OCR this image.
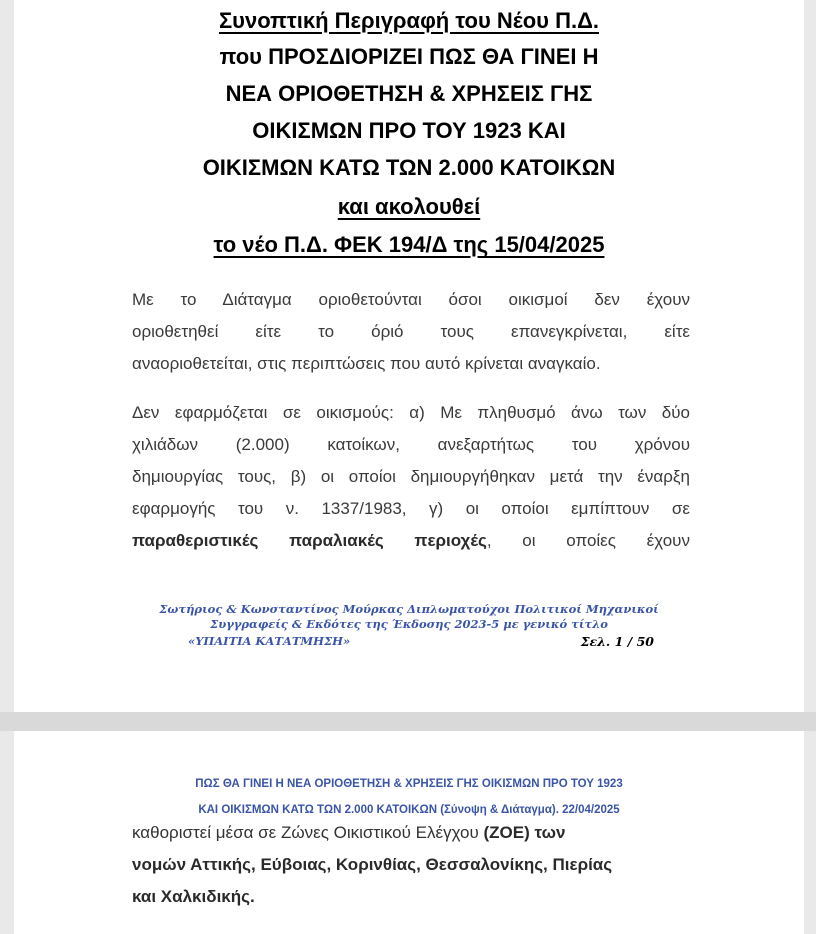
Συνοπτική Περιγραφή του Νέου Π.Δ.
που ΠΡΟΣΔΙΟΡΙΖΕΙ ΠΩΣ ΘΑ ΓΙΝΕΙ Η
ΝΕΑ ΟΡΙΟΘΕΤΗΣΗ & ΧΡΗΣΕΙΣ ΓΗΣ
ΟΙΚΙΣΜΩΝ ΠΡΟ ΤΟΥ 1923 ΚΑΙ
ΟΙΚΙΣΜΩΝ ΚΑΤΩ ΤΩΝ 2.000 ΚΑΤΟΙΚΩΝ
και ακολουθεί
το νέο Π.Δ. ΦΕΚ 194/Δ της 15/04/2025
Με το Διάταγμα οριοθετούνται όσοι οικισμοί δεν έχουν
οριοθετηθεί είτε το όριό τους επανεγκρίνεται, είτε
αναοριοθετείται, στις περιπτώσεις που αυτό κρίνεται αναγκαίο.
Δεν εφαρμόζεται σε οικισμούς: α) Με πληθυσμό άνω των δύο
χιλιάδων (2.000) κατοίκων, ανεξαρτήτως του χρόνου
δημιουργίας τους, β) οι οποίοι δημιουργήθηκαν μετά την έναρξη
εφαρμογής του ν. 1337/1983, γ) οι οποίοι εμπίπτουν σε
παραθεριστικές παραλιακές περιοχές, οι οποίες έχουν
Σωτήριος & Κωνσταντίνος Μούρκας Διπλωματούχοι Πολιτικοί Μηχανικοί
Συγγραφείς & Εκδότες της Έκδοσης 2023-5 με γενικό τίτλο
«ΥΠΑΙΤΙΑ ΚΑΤΑΤΜΗΣΗ»	Σελ. 1 / 50
ΠΩΣ ΘΑ ΓΙΝΕΙ Η ΝΕΑ ΟΡΙΟΘΕΤΗΣΗ & ΧΡΗΣΕΙΣ ΓΗΣ ΟΙΚΙΣΜΩΝ ΠΡΟ ΤΟΥ 1923
ΚΑΙ ΟΙΚΙΣΜΩΝ ΚΑΤΩ ΤΩΝ 2.000 ΚΑΤΟΙΚΩΝ (Σύνοψη & Διάταγμα). 22/04/2025
καθοριστεί μέσα σε Ζώνες Οικιστικού Ελέγχου (ΖΟΕ) των
νομών Αττικής, Εύβοιας, Κορινθίας, Θεσσαλονίκης, Πιερίας
και Χαλκιδικής.
